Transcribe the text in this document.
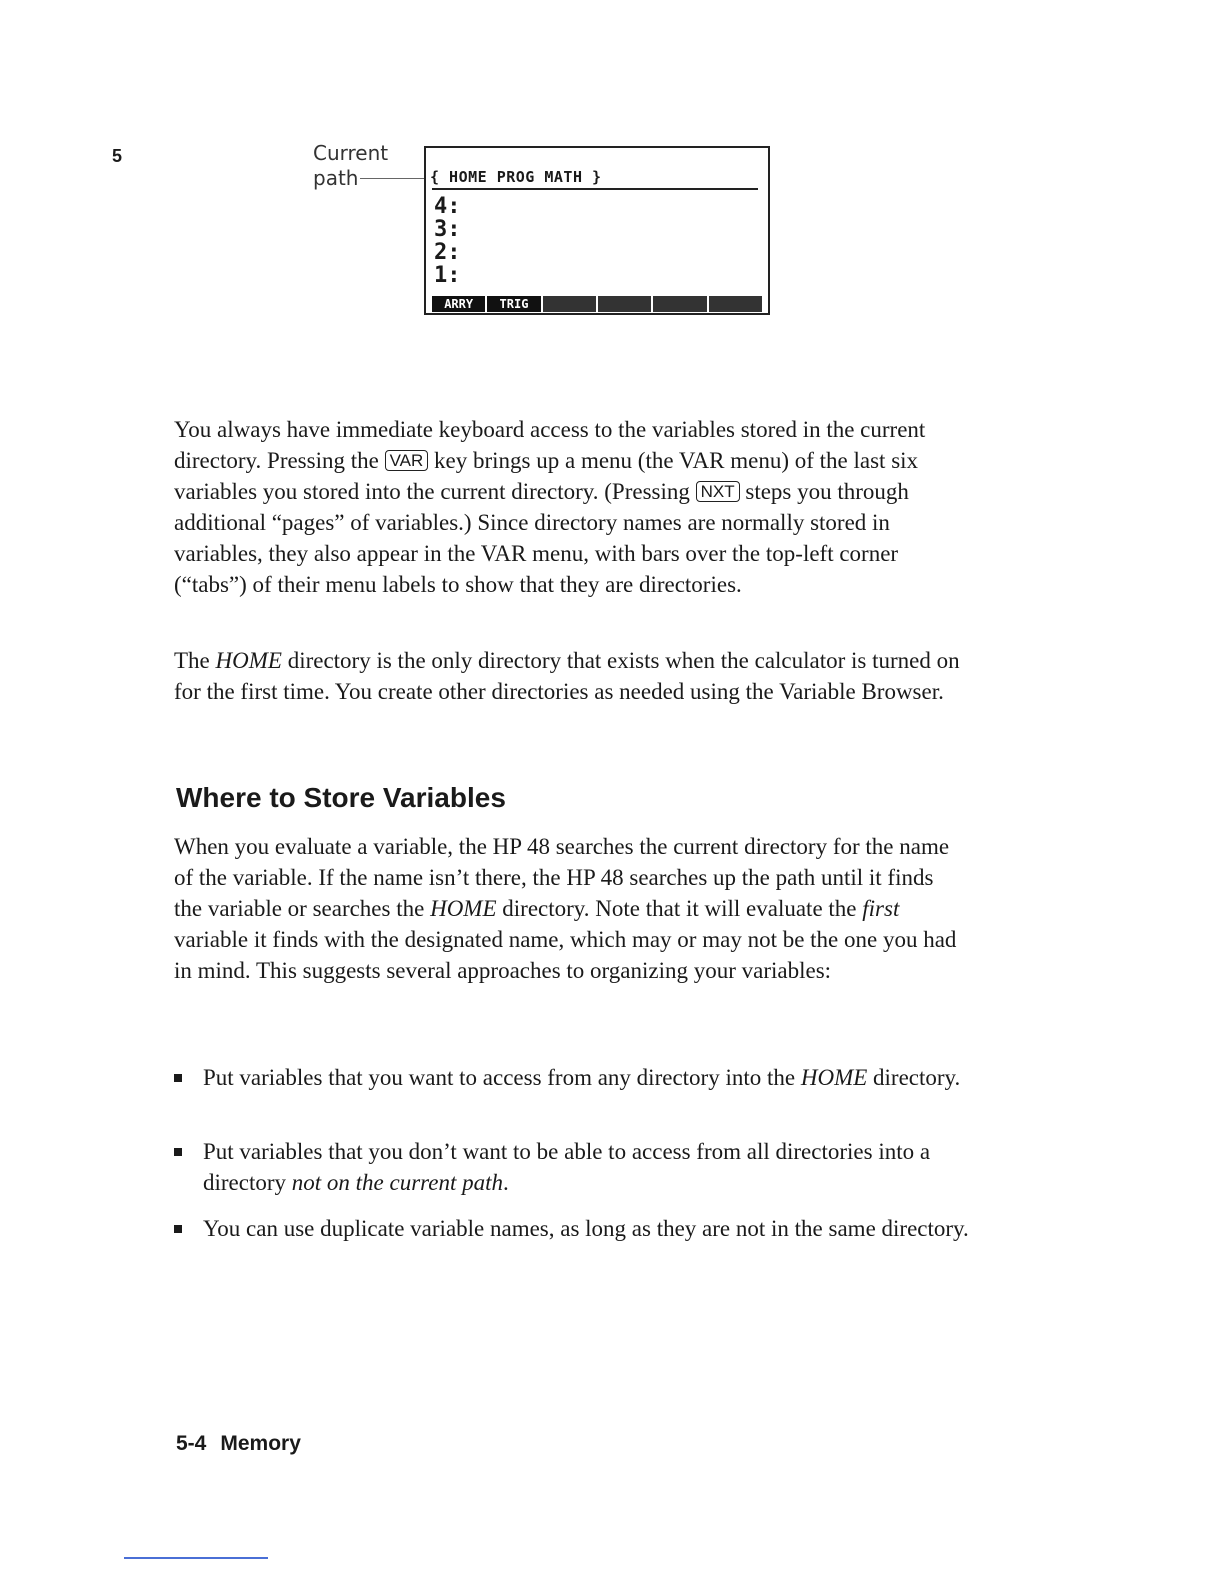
5	Current
path	{ HOME PROG MATH }
4:
3:
2:
1:
ARRY	TRIG

You always have immediate keyboard access to the variables stored in the current directory. Pressing the VAR key brings up a menu (the VAR menu) of the last six variables you stored into the current directory. (Pressing NXT steps you through additional “pages” of variables.) Since directory names are normally stored in variables, they also appear in the VAR menu, with bars over the top-left corner (“tabs”) of their menu labels to show that they are directories.

The HOME directory is the only directory that exists when the calculator is turned on for the first time. You create other directories as needed using the Variable Browser.

Where to Store Variables

When you evaluate a variable, the HP 48 searches the current directory for the name of the variable. If the name isn’t there, the HP 48 searches up the path until it finds the variable or searches the HOME directory. Note that it will evaluate the first variable it finds with the designated name, which may or may not be the one you had in mind. This suggests several approaches to organizing your variables:

Put variables that you want to access from any directory into the HOME directory.
Put variables that you don’t want to be able to access from all directories into a directory not on the current path.
You can use duplicate variable names, as long as they are not in the same directory.
5-4 Memory
